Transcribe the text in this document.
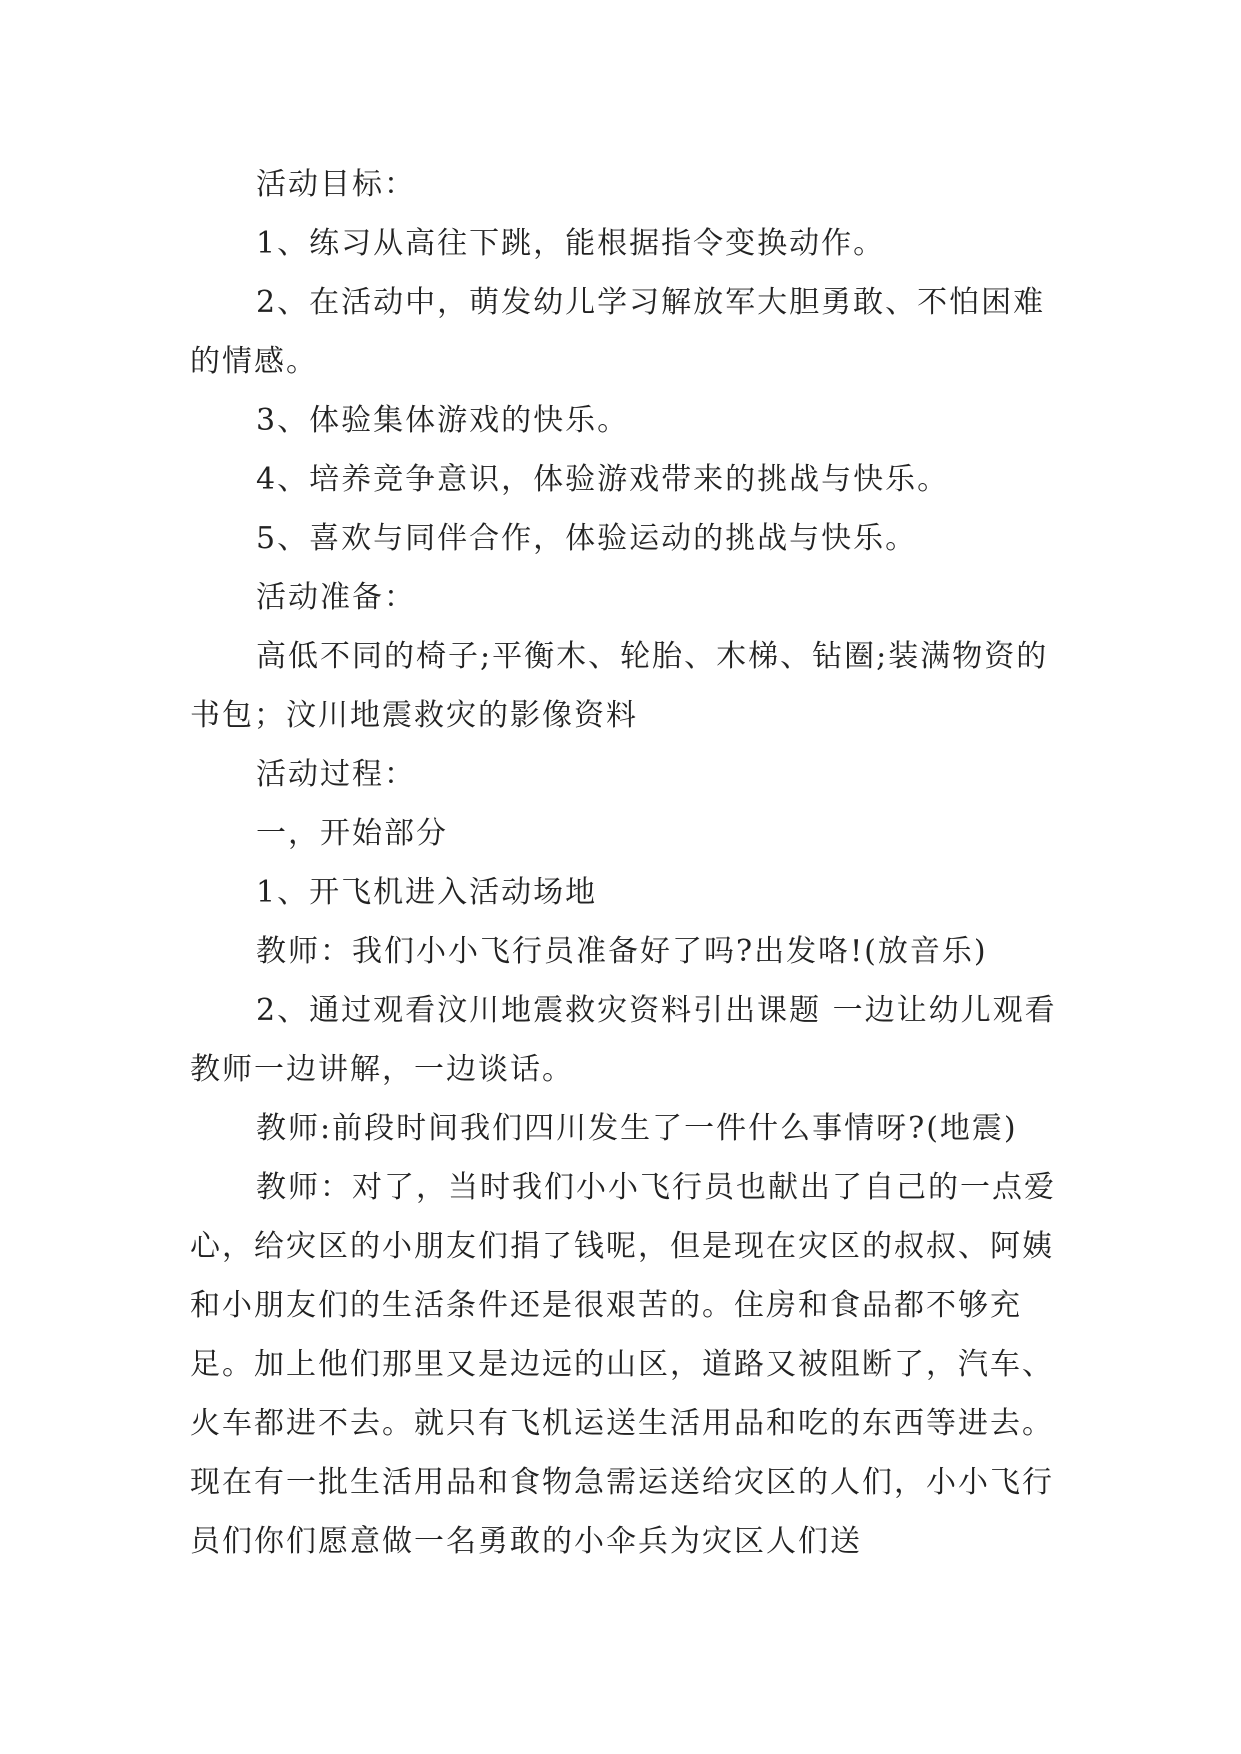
活动目标：

1、练习从高往下跳，能根据指令变换动作。

2、在活动中，萌发幼儿学习解放军大胆勇敢、不怕困难的情感。

3、体验集体游戏的快乐。

4、培养竞争意识，体验游戏带来的挑战与快乐。

5、喜欢与同伴合作，体验运动的挑战与快乐。

活动准备：

高低不同的椅子;平衡木、轮胎、木梯、钻圈;装满物资的书包；汶川地震救灾的影像资料

活动过程：

一，开始部分

1、开飞机进入活动场地

教师：我们小小飞行员准备好了吗?出发咯!(放音乐)

2、通过观看汶川地震救灾资料引出课题 一边让幼儿观看教师一边讲解，一边谈话。

教师:前段时间我们四川发生了一件什么事情呀?(地震)

教师：对了，当时我们小小飞行员也献出了自己的一点爱心，给灾区的小朋友们捐了钱呢，但是现在灾区的叔叔、阿姨和小朋友们的生活条件还是很艰苦的。住房和食品都不够充足。加上他们那里又是边远的山区，道路又被阻断了，汽车、火车都进不去。就只有飞机运送生活用品和吃的东西等进去。现在有一批生活用品和食物急需运送给灾区的人们，小小飞行员们你们愿意做一名勇敢的小伞兵为灾区人们送
